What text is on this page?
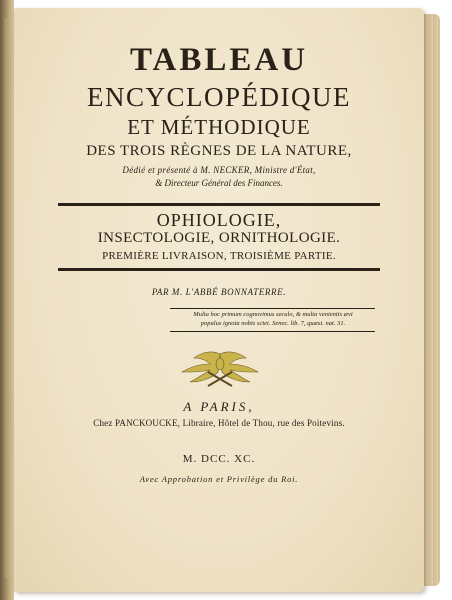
TABLEAU
ENCYCLOPÉDIQUE
ET MÉTHODIQUE
DES TROIS RÈGNES DE LA NATURE,
Dédié et présenté à M. NECKER, Ministre d'État,
& Directeur Général des Finances.
OPHIOLOGIE,
INSECTOLOGIE, ORNITHOLOGIE.
PREMIÈRE LIVRAISON, TROISIÈME PARTIE.
PAR M. L'ABBÉ BONNATERRE.
Multa hoc primum cognovimus seculo, & multa venientis ævi
populus ignota nobis sciet. Senec. lib. 7, quæst. nat. 31.
A PARIS,
Chez PANCKOUCKE, Libraire, Hôtel de Thou, rue des Poitevins.
M. DCC. XC.
Avec Approbation et Privilège du Roi.
